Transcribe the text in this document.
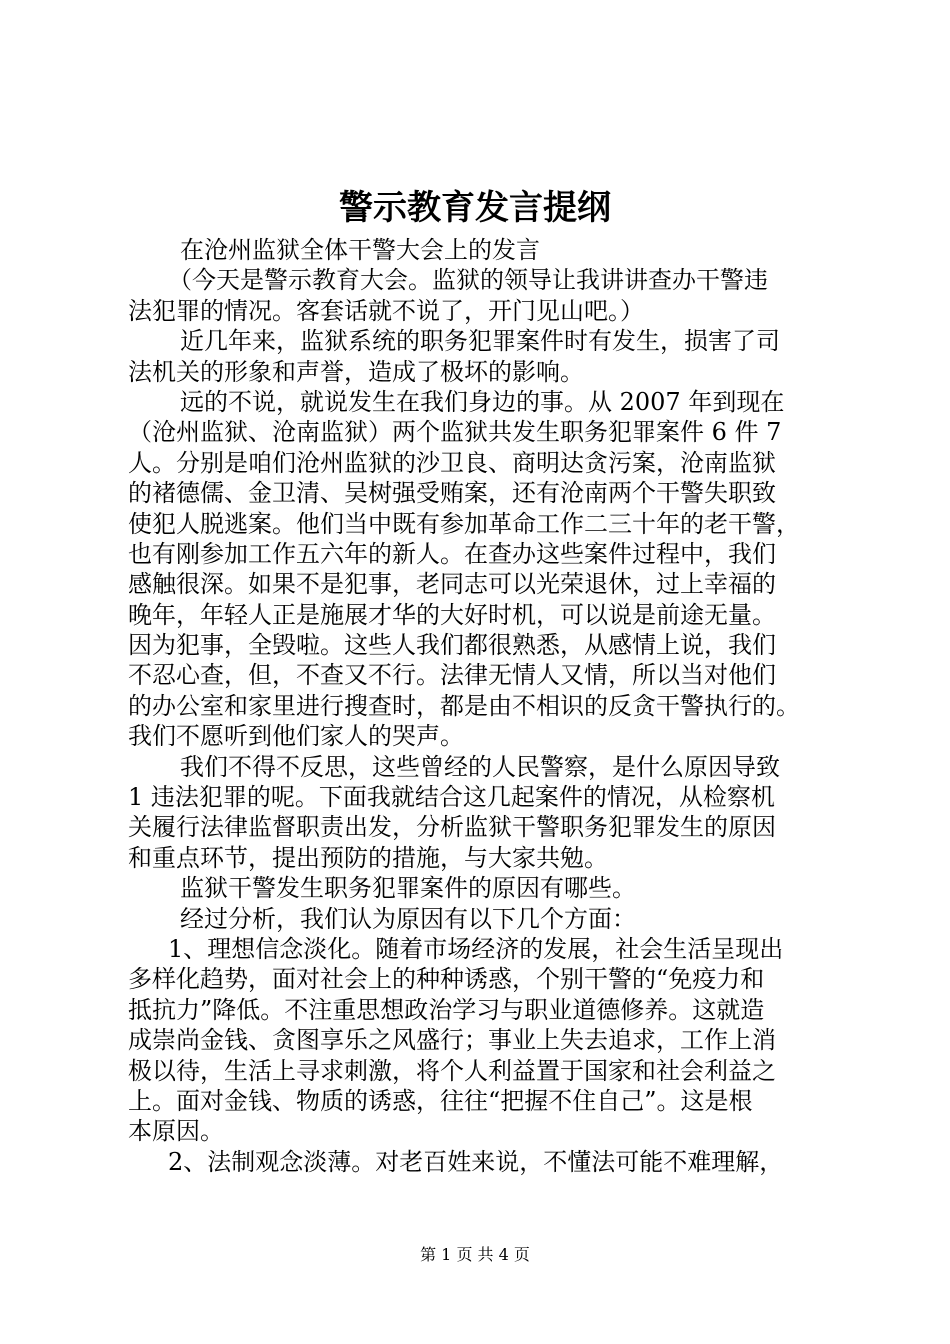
警示教育发言提纲

在沧州监狱全体干警大会上的发言

（今天是警示教育大会。监狱的领导让我讲讲查办干警违

法犯罪的情况。客套话就不说了，开门见山吧。）

近几年来，监狱系统的职务犯罪案件时有发生，损害了司

法机关的形象和声誉，造成了极坏的影响。

远的不说，就说发生在我们身边的事。从 2007 年到现在

（沧州监狱、沧南监狱）两个监狱共发生职务犯罪案件 6 件 7

人。分别是咱们沧州监狱的沙卫良、商明达贪污案，沧南监狱

的褚德儒、金卫清、吴树强受贿案，还有沧南两个干警失职致

使犯人脱逃案。他们当中既有参加革命工作二三十年的老干警，

也有刚参加工作五六年的新人。在查办这些案件过程中，我们

感触很深。如果不是犯事，老同志可以光荣退休，过上幸福的

晚年，年轻人正是施展才华的大好时机，可以说是前途无量。

因为犯事，全毁啦。这些人我们都很熟悉，从感情上说，我们

不忍心查，但，不查又不行。法律无情人又情，所以当对他们

的办公室和家里进行搜查时，都是由不相识的反贪干警执行的。

我们不愿听到他们家人的哭声。

我们不得不反思，这些曾经的人民警察，是什么原因导致

1 违法犯罪的呢。下面我就结合这几起案件的情况，从检察机

关履行法律监督职责出发，分析监狱干警职务犯罪发生的原因

和重点环节，提出预防的措施，与大家共勉。

监狱干警发生职务犯罪案件的原因有哪些。

经过分析，我们认为原因有以下几个方面：

1、理想信念淡化。随着市场经济的发展，社会生活呈现出

多样化趋势，面对社会上的种种诱惑，个别干警的“免疫力和

抵抗力”降低。不注重思想政治学习与职业道德修养。这就造

成崇尚金钱、贪图享乐之风盛行；事业上失去追求，工作上消

极以待，生活上寻求刺激，将个人利益置于国家和社会利益之

上。面对金钱、物质的诱惑，往往“把握不住自己”。这是根

本原因。

2、法制观念淡薄。对老百姓来说，不懂法可能不难理解，

第 1 页 共 4 页
